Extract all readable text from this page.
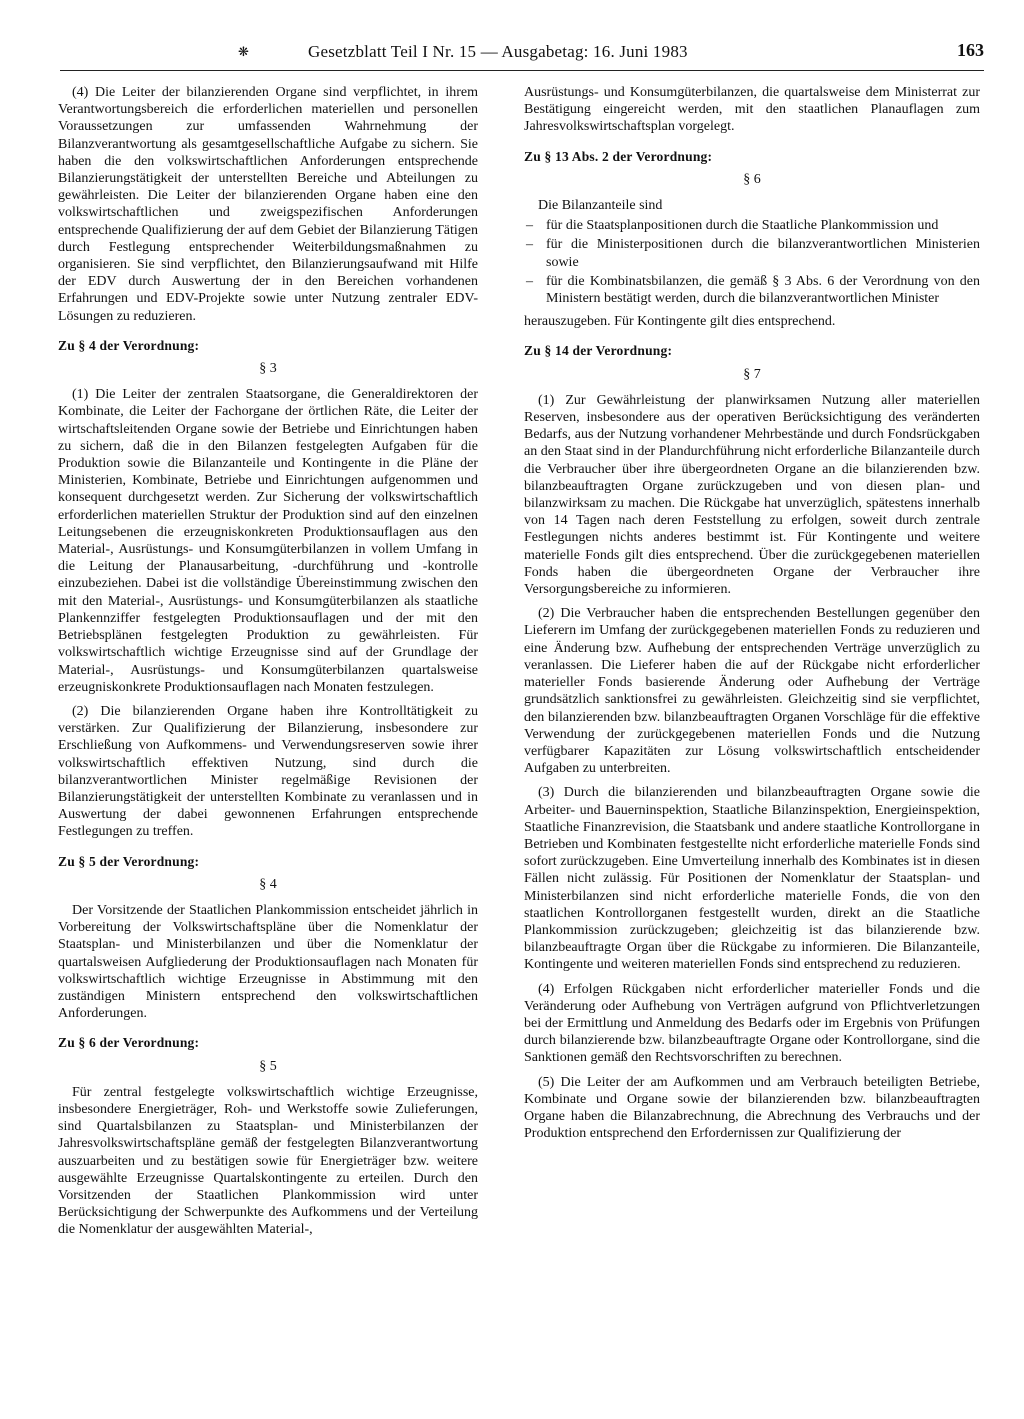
❋	Gesetzblatt Teil I Nr. 15 — Ausgabetag: 16. Juni 1983	163

(4) Die Leiter der bilanzierenden Organe sind verpflichtet, in ihrem Verantwortungsbereich die erforderlichen materiellen und personellen Voraussetzungen zur umfassenden Wahrnehmung der Bilanzverantwortung als gesamtgesellschaftliche Aufgabe zu sichern. Sie haben die den volkswirtschaftlichen Anforderungen entsprechende Bilanzierungstätigkeit der unterstellten Bereiche und Abteilungen zu gewährleisten. Die Leiter der bilanzierenden Organe haben eine den volkswirtschaftlichen und zweigspezifischen Anforderungen entsprechende Qualifizierung der auf dem Gebiet der Bilanzierung Tätigen durch Festlegung entsprechender Weiterbildungsmaßnahmen zu organisieren. Sie sind verpflichtet, den Bilanzierungsaufwand mit Hilfe der EDV durch Auswertung der in den Bereichen vorhandenen Erfahrungen und EDV-Projekte sowie unter Nutzung zentraler EDV-Lösungen zu reduzieren.

Zu § 4 der Verordnung:
§ 3

(1) Die Leiter der zentralen Staatsorgane, die Generaldirektoren der Kombinate, die Leiter der Fachorgane der örtlichen Räte, die Leiter der wirtschaftsleitenden Organe sowie der Betriebe und Einrichtungen haben zu sichern, daß die in den Bilanzen festgelegten Aufgaben für die Produktion sowie die Bilanzanteile und Kontingente in die Pläne der Ministerien, Kombinate, Betriebe und Einrichtungen aufgenommen und konsequent durchgesetzt werden. Zur Sicherung der volkswirtschaftlich erforderlichen materiellen Struktur der Produktion sind auf den einzelnen Leitungsebenen die erzeugniskonkreten Produktionsauflagen aus den Material-, Ausrüstungs- und Konsumgüterbilanzen in vollem Umfang in die Leitung der Planausarbeitung, -durchführung und -kontrolle einzubeziehen. Dabei ist die vollständige Übereinstimmung zwischen den mit den Material-, Ausrüstungs- und Konsumgüterbilanzen als staatliche Plankennziffer festgelegten Produktionsauflagen und der mit den Betriebsplänen festgelegten Produktion zu gewährleisten. Für volkswirtschaftlich wichtige Erzeugnisse sind auf der Grundlage der Material-, Ausrüstungs- und Konsumgüterbilanzen quartalsweise erzeugniskonkrete Produktionsauflagen nach Monaten festzulegen.

(2) Die bilanzierenden Organe haben ihre Kontrolltätigkeit zu verstärken. Zur Qualifizierung der Bilanzierung, insbesondere zur Erschließung von Aufkommens- und Verwendungsreserven sowie ihrer volkswirtschaftlich effektiven Nutzung, sind durch die bilanzverantwortlichen Minister regelmäßige Revisionen der Bilanzierungstätigkeit der unterstellten Kombinate zu veranlassen und in Auswertung der dabei gewonnenen Erfahrungen entsprechende Festlegungen zu treffen.

Zu § 5 der Verordnung:
§ 4

Der Vorsitzende der Staatlichen Plankommission entscheidet jährlich in Vorbereitung der Volkswirtschaftspläne über die Nomenklatur der Staatsplan- und Ministerbilanzen und über die Nomenklatur der quartalsweisen Aufgliederung der Produktionsauflagen nach Monaten für volkswirtschaftlich wichtige Erzeugnisse in Abstimmung mit den zuständigen Ministern entsprechend den volkswirtschaftlichen Anforderungen.

Zu § 6 der Verordnung:
§ 5

Für zentral festgelegte volkswirtschaftlich wichtige Erzeugnisse, insbesondere Energieträger, Roh- und Werkstoffe sowie Zulieferungen, sind Quartalsbilanzen zu Staatsplan- und Ministerbilanzen der Jahresvolkswirtschaftspläne gemäß der festgelegten Bilanzverantwortung auszuarbeiten und zu bestätigen sowie für Energieträger bzw. weitere ausgewählte Erzeugnisse Quartalskontingente zu erteilen. Durch den Vorsitzenden der Staatlichen Plankommission wird unter Berücksichtigung der Schwerpunkte des Aufkommens und der Verteilung die Nomenklatur der ausgewählten Material-,

Ausrüstungs- und Konsumgüterbilanzen, die quartalsweise dem Ministerrat zur Bestätigung eingereicht werden, mit den staatlichen Planauflagen zum Jahresvolkswirtschaftsplan vorgelegt.

Zu § 13 Abs. 2 der Verordnung:
§ 6

Die Bilanzanteile sind

– für die Staatsplanpositionen durch die Staatliche Plankommission und
– für die Ministerpositionen durch die bilanzverantwortlichen Ministerien sowie
– für die Kombinatsbilanzen, die gemäß § 3 Abs. 6 der Verordnung von den Ministern bestätigt werden, durch die bilanzverantwortlichen Minister

herauszugeben. Für Kontingente gilt dies entsprechend.

Zu § 14 der Verordnung:
§ 7

(1) Zur Gewährleistung der planwirksamen Nutzung aller materiellen Reserven, insbesondere aus der operativen Berücksichtigung des veränderten Bedarfs, aus der Nutzung vorhandener Mehrbestände und durch Fondsrückgaben an den Staat sind in der Plandurchführung nicht erforderliche Bilanzanteile durch die Verbraucher über ihre übergeordneten Organe an die bilanzierenden bzw. bilanzbeauftragten Organe zurückzugeben und von diesen plan- und bilanzwirksam zu machen. Die Rückgabe hat unverzüglich, spätestens innerhalb von 14 Tagen nach deren Feststellung zu erfolgen, soweit durch zentrale Festlegungen nichts anderes bestimmt ist. Für Kontingente und weitere materielle Fonds gilt dies entsprechend. Über die zurückgegebenen materiellen Fonds haben die übergeordneten Organe der Verbraucher ihre Versorgungsbereiche zu informieren.

(2) Die Verbraucher haben die entsprechenden Bestellungen gegenüber den Lieferern im Umfang der zurückgegebenen materiellen Fonds zu reduzieren und eine Änderung bzw. Aufhebung der entsprechenden Verträge unverzüglich zu veranlassen. Die Lieferer haben die auf der Rückgabe nicht erforderlicher materieller Fonds basierende Änderung oder Aufhebung der Verträge grundsätzlich sanktionsfrei zu gewährleisten. Gleichzeitig sind sie verpflichtet, den bilanzierenden bzw. bilanzbeauftragten Organen Vorschläge für die effektive Verwendung der zurückgegebenen materiellen Fonds und die Nutzung verfügbarer Kapazitäten zur Lösung volkswirtschaftlich entscheidender Aufgaben zu unterbreiten.

(3) Durch die bilanzierenden und bilanzbeauftragten Organe sowie die Arbeiter- und Bauerninspektion, Staatliche Bilanzinspektion, Energieinspektion, Staatliche Finanzrevision, die Staatsbank und andere staatliche Kontrollorgane in Betrieben und Kombinaten festgestellte nicht erforderliche materielle Fonds sind sofort zurückzugeben. Eine Umverteilung innerhalb des Kombinates ist in diesen Fällen nicht zulässig. Für Positionen der Nomenklatur der Staatsplan- und Ministerbilanzen sind nicht erforderliche materielle Fonds, die von den staatlichen Kontrollorganen festgestellt wurden, direkt an die Staatliche Plankommission zurückzugeben; gleichzeitig ist das bilanzierende bzw. bilanzbeauftragte Organ über die Rückgabe zu informieren. Die Bilanzanteile, Kontingente und weiteren materiellen Fonds sind entsprechend zu reduzieren.

(4) Erfolgen Rückgaben nicht erforderlicher materieller Fonds und die Veränderung oder Aufhebung von Verträgen aufgrund von Pflichtverletzungen bei der Ermittlung und Anmeldung des Bedarfs oder im Ergebnis von Prüfungen durch bilanzierende bzw. bilanzbeauftragte Organe oder Kontrollorgane, sind die Sanktionen gemäß den Rechtsvorschriften zu berechnen.

(5) Die Leiter der am Aufkommen und am Verbrauch beteiligten Betriebe, Kombinate und Organe sowie der bilanzierenden bzw. bilanzbeauftragten Organe haben die Bilanzabrechnung, die Abrechnung des Verbrauchs und der Produktion entsprechend den Erfordernissen zur Qualifizierung der
